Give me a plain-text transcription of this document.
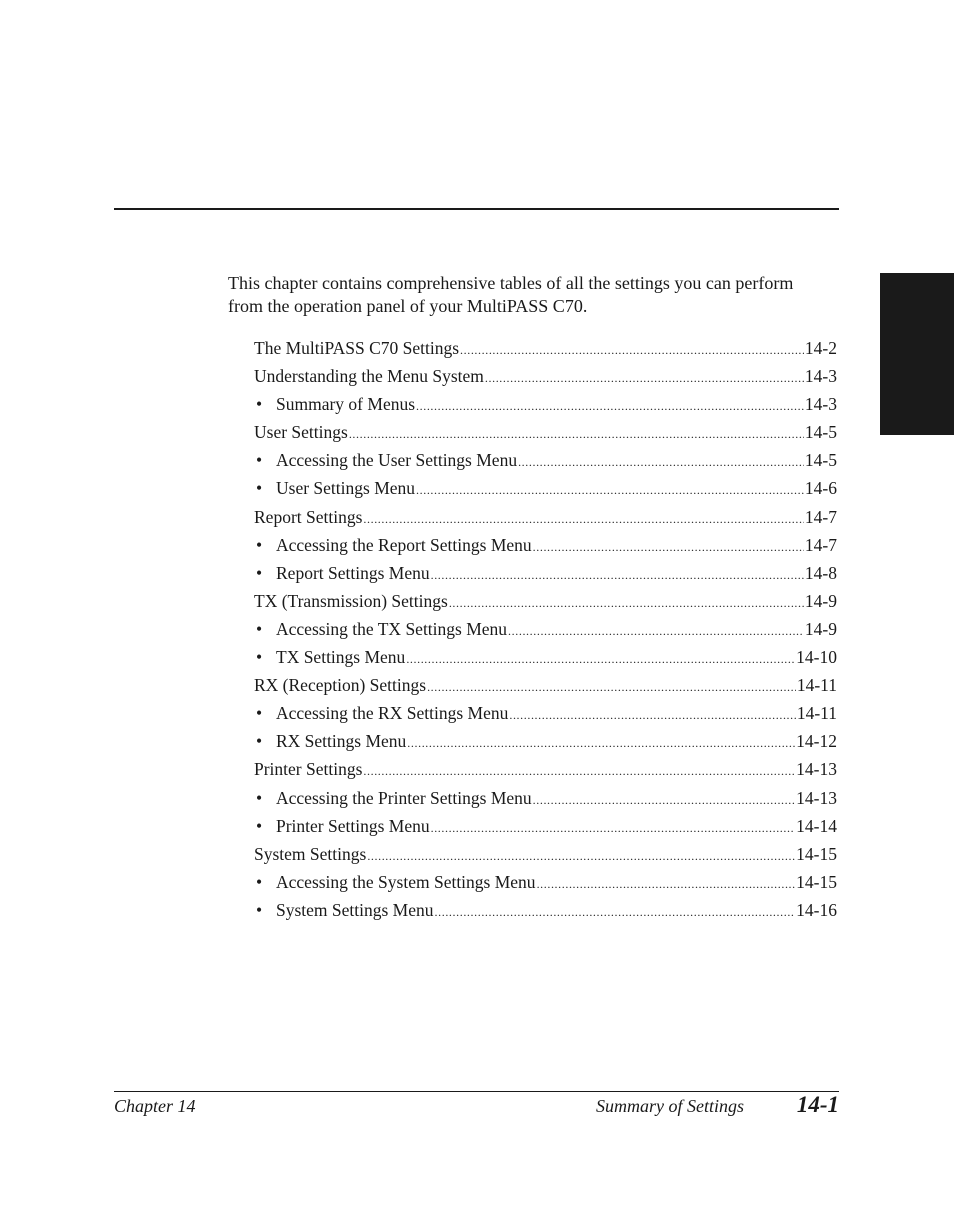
This chapter contains comprehensive tables of all the settings you can perform from the operation panel of your MultiPASS C70.

The MultiPASS C70 Settings .....	14-2
Understanding the Menu System .....	14-3
• Summary of Menus .....	14-3
User Settings .....	14-5
• Accessing the User Settings Menu .....	14-5
• User Settings Menu .....	14-6
Report Settings .....	14-7
• Accessing the Report Settings Menu .....	14-7
• Report Settings Menu .....	14-8
TX (Transmission) Settings .....	14-9
• Accessing the TX Settings Menu .....	14-9
• TX Settings Menu .....	14-10
RX (Reception) Settings .....	14-11
• Accessing the RX Settings Menu .....	14-11
• RX Settings Menu .....	14-12
Printer Settings .....	14-13
• Accessing the Printer Settings Menu .....	14-13
• Printer Settings Menu .....	14-14
System Settings .....	14-15
• Accessing the System Settings Menu .....	14-15
• System Settings Menu .....	14-16
Chapter 14	Summary of Settings 14-1
